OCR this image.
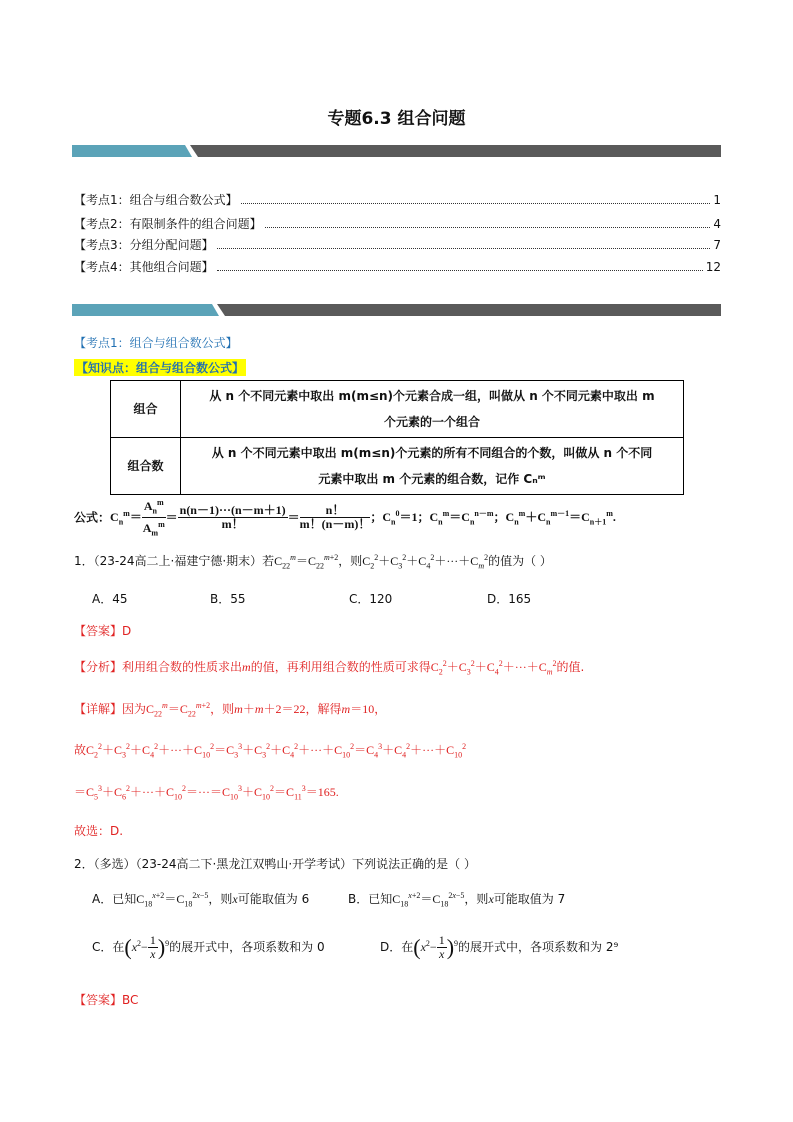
专题6.3 组合问题
【考点1：组合与组合数公式】	1
【考点2：有限制条件的组合问题】	4
【考点3：分组分配问题】	7
【考点4：其他组合问题】	12
【考点1：组合与组合数公式】
【知识点：组合与组合数公式】
组合	从 n 个不同元素中取出 m(m≤n)个元素合成一组，叫做从 n 个不同元素中取出 m
个元素的一个组合

组合数	从 n 个不同元素中取出 m(m≤n)个元素的所有不同组合的个数，叫做从 n 个不同
元素中取出 m 个元素的组合数，记作 Cₙᵐ
公式：$C_n^m= \frac{A_n^m}{A_m^m} = \frac{n(n-1)\cdot\cdot\cdot(n-m+1)}{m!} = \frac{n!}{m!(n-m)!}$ ；$C_n^0=1$；$C_n^m=C_n^{n-m}$；$C_n^m+C_n^{m-1}=C_{n+1}^m$.
1．（23-24高二上·福建宁德·期末）若$C_{22}^m=C_{22}^{m+2}$，则$C_2^2+C_3^2+C_4^2+\cdot\cdot\cdot+C_m^2$的值为（ ）
A．45	B．55	C．120	D．165
【答案】D
【分析】利用组合数的性质求出m的值，再利用组合数的性质可求得$C_2^2+C_3^2+C_4^2+\cdot\cdot\cdot+C_m^2$的值.
【详解】因为$C_{22}^m=C_{22}^{m+2}$，则m＋m＋2＝22，解得m＝10，
故$C_2^2+C_3^2+C_4^2+\cdot\cdot\cdot+C_{10}^2=C_3^3+C_3^2+C_4^2+\cdot\cdot\cdot+C_{10}^2=C_4^3+C_4^2+\cdot\cdot\cdot+C_{10}^2$
$=C_5^3+C_6^2+\cdot\cdot\cdot+C_{10}^2=\cdot\cdot\cdot=C_{10}^3+C_{10}^2=C_{11}^3=165$.
故选：D.
2．（多选）（23-24高二下·黑龙江双鸭山·开学考试）下列说法正确的是（ ）
A．已知$C_{18}^{x+2}=C_{18}^{2x-5}$，则x可能取值为 6	B．已知$C_{18}^{x+2}=C_{18}^{2x-5}$，则x可能取值为 7
C．在$(x^2- \frac{1}{x} )^9$的展开式中，各项系数和为 0	D．在$(x^2- \frac{1}{x} )^9$的展开式中，各项系数和为 2⁹
【答案】BC
